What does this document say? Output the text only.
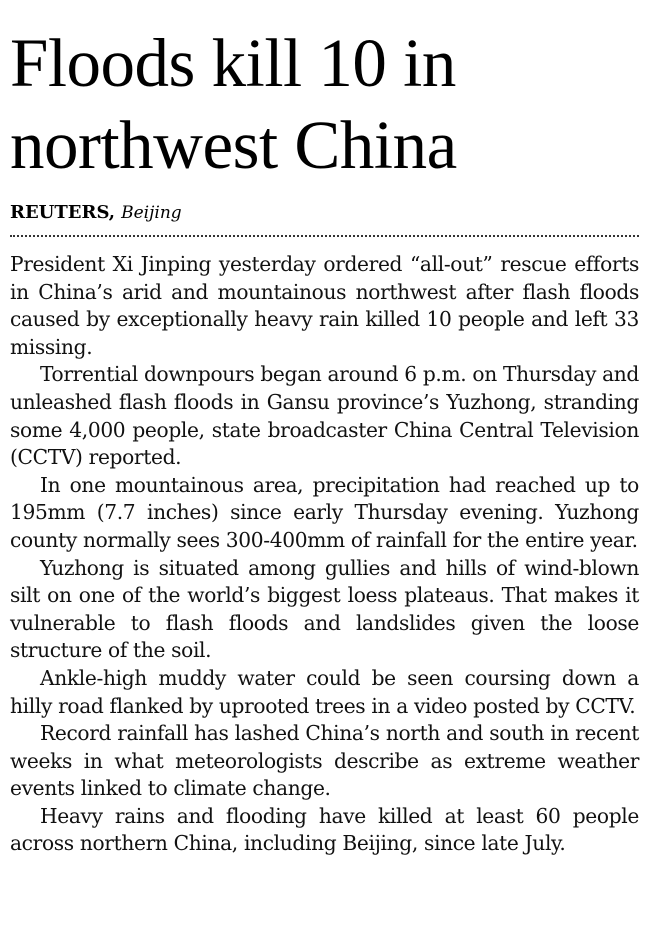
Floods kill 10 in northwest China
REUTERS, Beijing

President Xi Jinping yesterday ordered “all-out” rescue efforts in China’s arid and mountainous northwest after flash floods caused by exceptionally heavy rain killed 10 people and left 33 missing.

Torrential downpours began around 6 p.m. on Thursday and unleashed flash floods in Gansu province’s Yuzhong, stranding some 4,000 people, state broadcaster China Central Television (CCTV) reported.

In one mountainous area, precipitation had reached up to 195mm (7.7 inches) since early Thursday evening. Yuzhong county normally sees 300-400mm of rainfall for the entire year.

Yuzhong is situated among gullies and hills of wind-blown silt on one of the world’s biggest loess plateaus. That makes it vulnerable to flash floods and landslides given the loose structure of the soil.

Ankle-high muddy water could be seen coursing down a hilly road flanked by uprooted trees in a video posted by CCTV.

Record rainfall has lashed China’s north and south in recent weeks in what meteorologists describe as extreme weather events linked to climate change.

Heavy rains and flooding have killed at least 60 people across northern China, including Beijing, since late July.
